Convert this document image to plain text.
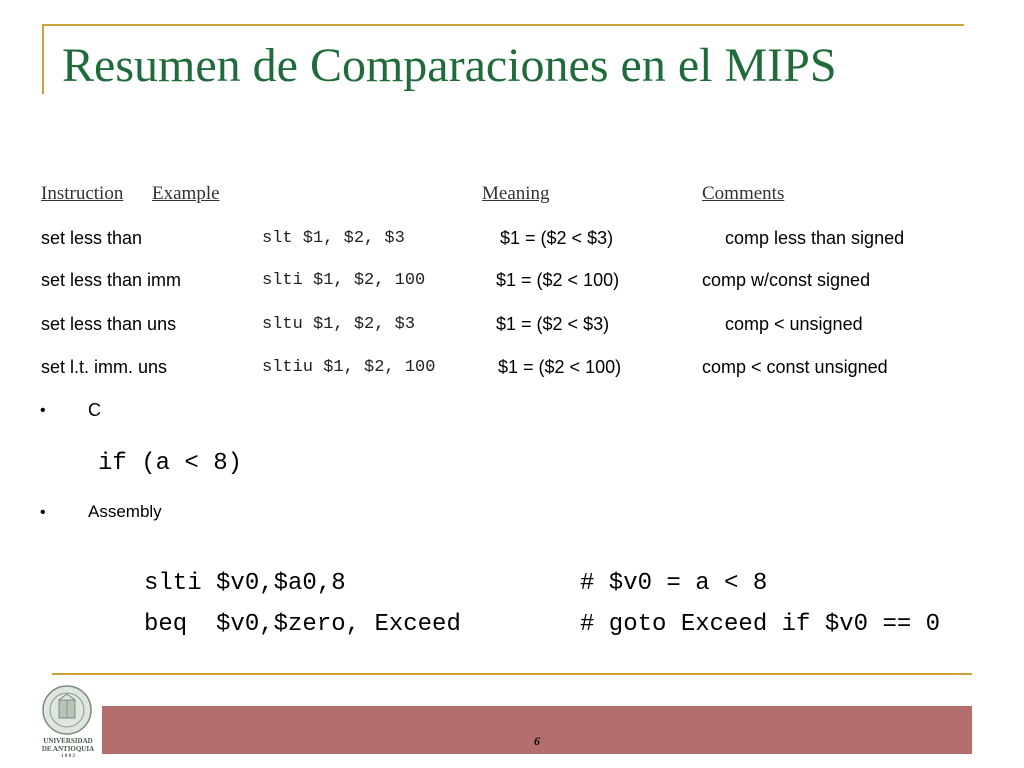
Resumen de Comparaciones en el MIPS
Instruction Example	Meaning	Comments
set less than	slt $1, $2, $3	$1 = ($2 < $3)	comp less than signed
set less than imm	slti $1, $2, 100	$1 = ($2 < 100)	comp w/const signed
set less than uns	sltu $1, $2, $3	$1 = ($2 < $3)	comp < unsigned
set l.t. imm. uns	sltiu $1, $2, 100	$1 = ($2 < 100)	comp < const unsigned
• C
if (a < 8)
• Assembly
slti $v0,$a0,8	# $v0 = a < 8
beq  $v0,$zero, Exceed	# goto Exceed if $v0 == 0
6
UNIVERSIDAD
DE ANTIOQUIA
1 8 0 3
